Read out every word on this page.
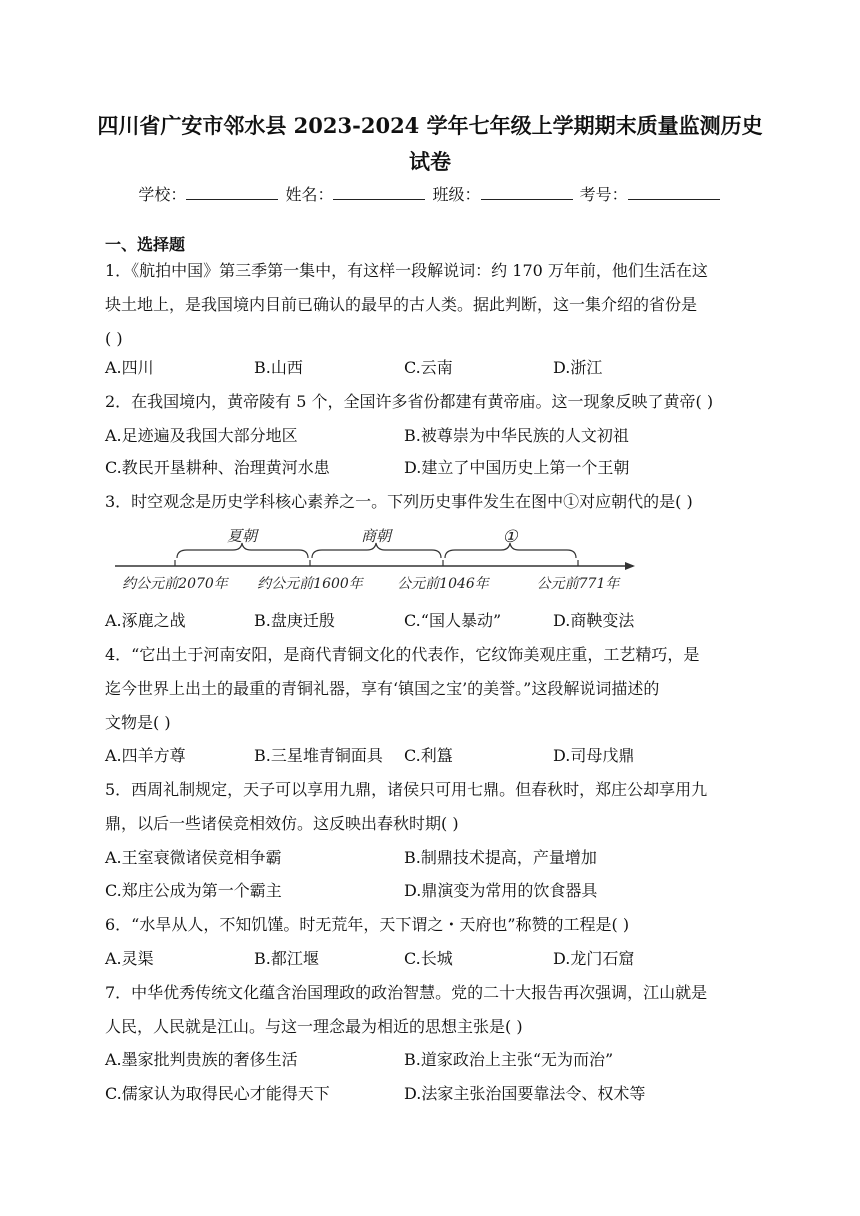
四川省广安市邻水县 2023-2024 学年七年级上学期期末质量监测历史
试卷
学校：	姓名：	班级：	考号：
一、选择题
1．《航拍中国》第三季第一集中，有这样一段解说词：约 170 万年前，他们生活在这
块土地上，是我国境内目前已确认的最早的古人类。据此判断，这一集介绍的省份是
( )
A.四川	B.山西	C.云南	D.浙江
2．在我国境内，黄帝陵有 5 个，全国许多省份都建有黄帝庙。这一现象反映了黄帝( )
A.足迹遍及我国大部分地区	B.被尊崇为中华民族的人文初祖
C.教民开垦耕种、治理黄河水患	D.建立了中国历史上第一个王朝
3．时空观念是历史学科核心素养之一。下列历史事件发生在图中①对应朝代的是( )
夏朝	商朝	①
约公元前2070年 约公元前1600年 公元前1046年	公元前771年
A.涿鹿之战	B.盘庚迁殷	C.“国人暴动”	D.商鞅变法
4．“它出土于河南安阳，是商代青铜文化的代表作，它纹饰美观庄重，工艺精巧，是
迄今世界上出土的最重的青铜礼器，享有‘镇国之宝’的美誉。”这段解说词描述的
文物是( )
A.四羊方尊	B.三星堆青铜面具 C.利簋	D.司母戊鼎
5．西周礼制规定，天子可以享用九鼎，诸侯只可用七鼎。但春秋时，郑庄公却享用九
鼎，以后一些诸侯竞相效仿。这反映出春秋时期( )
A.王室衰微诸侯竞相争霸	B.制鼎技术提高，产量增加
C.郑庄公成为第一个霸主	D.鼎演变为常用的饮食器具
6．“水旱从人，不知饥馑。时无荒年，天下谓之・天府也”称赞的工程是( )
A.灵渠	B.都江堰	C.长城	D.龙门石窟
7．中华优秀传统文化蕴含治国理政的政治智慧。党的二十大报告再次强调，江山就是
人民，人民就是江山。与这一理念最为相近的思想主张是( )
A.墨家批判贵族的奢侈生活	B.道家政治上主张“无为而治”
C.儒家认为取得民心才能得天下	D.法家主张治国要靠法令、权术等
